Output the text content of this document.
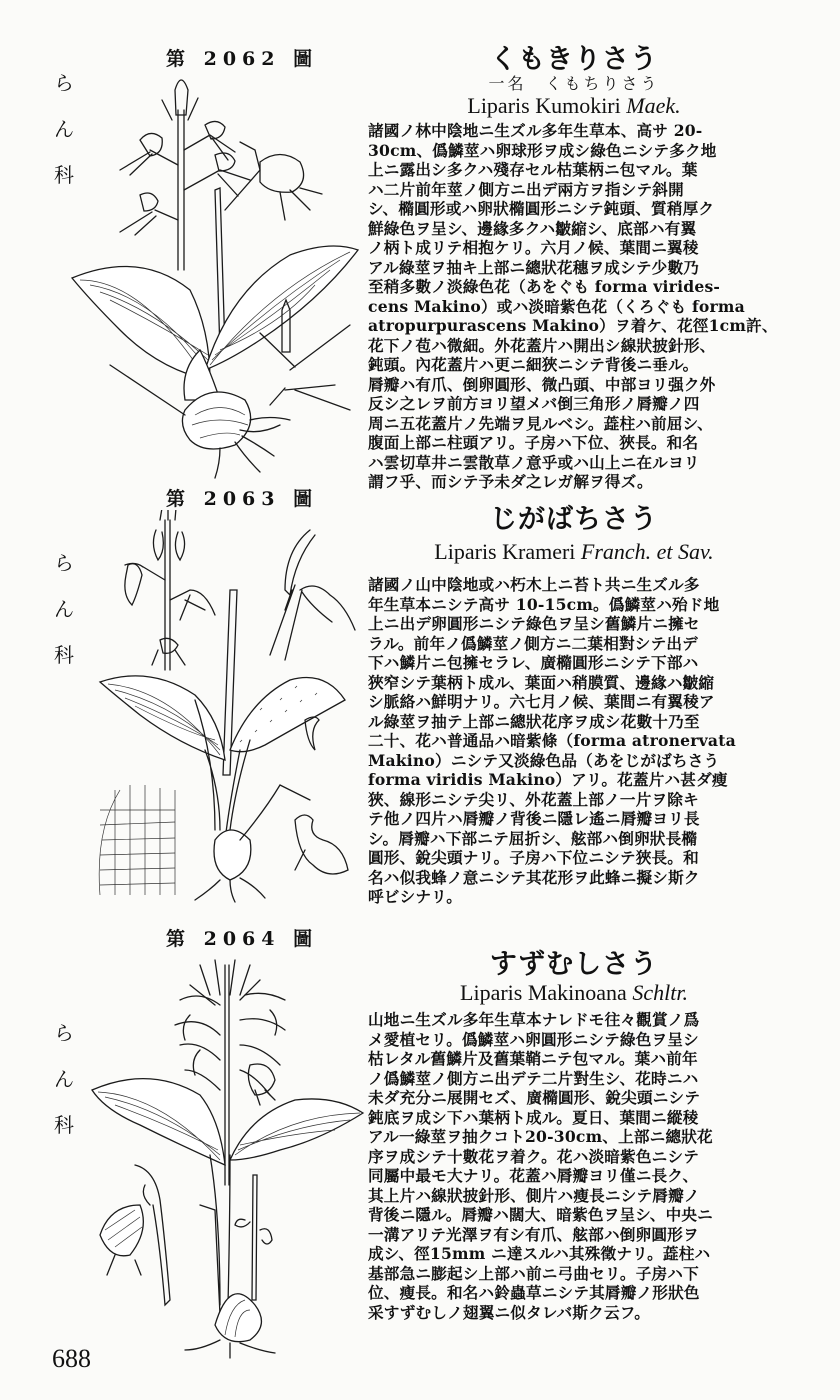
第 2062 圖
ら
ん
科
くもきりさう
一名　くもちりさう
Liparis Kumokiri Maek.
諸國ノ林中陰地ニ生ズル多年生草本、高サ 20-
30cm、僞鱗莖ハ卵球形ヲ成シ綠色ニシテ多ク地
上ニ露出シ多クハ殘存セル枯葉柄ニ包マル。葉
ハ二片前年莖ノ側方ニ出デ兩方ヲ指シテ斜開
シ、橢圓形或ハ卵狀橢圓形ニシテ鈍頭、質稍厚ク
鮮綠色ヲ呈シ、邊緣多クハ皺縮シ、底部ハ有翼
ノ柄ト成リテ相抱ケリ。六月ノ候、葉間ニ翼稜
アル綠莖ヲ抽キ上部ニ總狀花穗ヲ成シテ少數乃
至稍多數ノ淡綠色花（あをぐも forma virides-
cens Makino）或ハ淡暗紫色花（くろぐも forma
atropurpurascens Makino）ヲ着ケ、花徑1cm許、
花下ノ苞ハ微細。外花蓋片ハ開出シ線狀披針形、
鈍頭。內花蓋片ハ更ニ細狹ニシテ背後ニ垂ル。
脣瓣ハ有爪、倒卵圓形、微凸頭、中部ヨリ强ク外
反シ之レヲ前方ヨリ望メバ倒三角形ノ脣瓣ノ四
周ニ五花蓋片ノ先端ヲ見ルベシ。蕋柱ハ前屈シ、
腹面上部ニ柱頭アリ。子房ハ下位、狹長。和名
ハ雲切草井ニ雲散草ノ意乎或ハ山上ニ在ルヨリ
謂フ乎、而シテ予未ダ之レガ解ヲ得ズ。
第 2063 圖
ら
ん
科
じがばちさう
Liparis Krameri Franch. et Sav.
諸國ノ山中陰地或ハ朽木上ニ苔ト共ニ生ズル多
年生草本ニシテ高サ 10-15cm。僞鱗莖ハ殆ド地
上ニ出デ卵圓形ニシテ綠色ヲ呈シ舊鱗片ニ擁セ
ラル。前年ノ僞鱗莖ノ側方ニ二葉相對シテ出デ
下ハ鱗片ニ包擁セラレ、廣橢圓形ニシテ下部ハ
狹窄シテ葉柄ト成ル、葉面ハ稍膜質、邊緣ハ皺縮
シ脈絡ハ鮮明ナリ。六七月ノ候、葉間ニ有翼稜ア
ル綠莖ヲ抽テ上部ニ總狀花序ヲ成シ花數十乃至
二十、花ハ普通品ハ暗紫條（forma atronervata
Makino）ニシテ又淡綠色品（あをじがばちさう
forma viridis Makino）アリ。花蓋片ハ甚ダ瘦
狹、線形ニシテ尖リ、外花蓋上部ノ一片ヲ除キ
テ他ノ四片ハ脣瓣ノ背後ニ隱レ遙ニ脣瓣ヨリ長
シ。脣瓣ハ下部ニテ屈折シ、舷部ハ倒卵狀長橢
圓形、銳尖頭ナリ。子房ハ下位ニシテ狹長。和
名ハ似我蜂ノ意ニシテ其花形ヲ此蜂ニ擬シ斯ク
呼ビシナリ。
第 2064 圖
ら
ん
科
すずむしさう
Liparis Makinoana Schltr.
山地ニ生ズル多年生草本ナレドモ往々觀賞ノ爲
メ愛植セリ。僞鱗莖ハ卵圓形ニシテ綠色ヲ呈シ
枯レタル舊鱗片及舊葉鞘ニテ包マル。葉ハ前年
ノ僞鱗莖ノ側方ニ出デテ二片對生シ、花時ニハ
未ダ充分ニ展開セズ、廣橢圓形、銳尖頭ニシテ
鈍底ヲ成シ下ハ葉柄ト成ル。夏日、葉間ニ縱稜
アル一綠莖ヲ抽クコト20-30cm、上部ニ總狀花
序ヲ成シテ十數花ヲ着ク。花ハ淡暗紫色ニシテ
同屬中最モ大ナリ。花蓋ハ脣瓣ヨリ僅ニ長ク、
其上片ハ線狀披針形、側片ハ瘦長ニシテ脣瓣ノ
背後ニ隱ル。脣瓣ハ闊大、暗紫色ヲ呈シ、中央ニ
一溝アリテ光澤ヲ有シ有爪、舷部ハ倒卵圓形ヲ
成シ、徑15mm ニ達スルハ其殊徵ナリ。蕋柱ハ
基部急ニ膨起シ上部ハ前ニ弓曲セリ。子房ハ下
位、瘦長。和名ハ鈴蟲草ニシテ其脣瓣ノ形狀色
采すずむしノ翅翼ニ似タレバ斯ク云フ。
688
